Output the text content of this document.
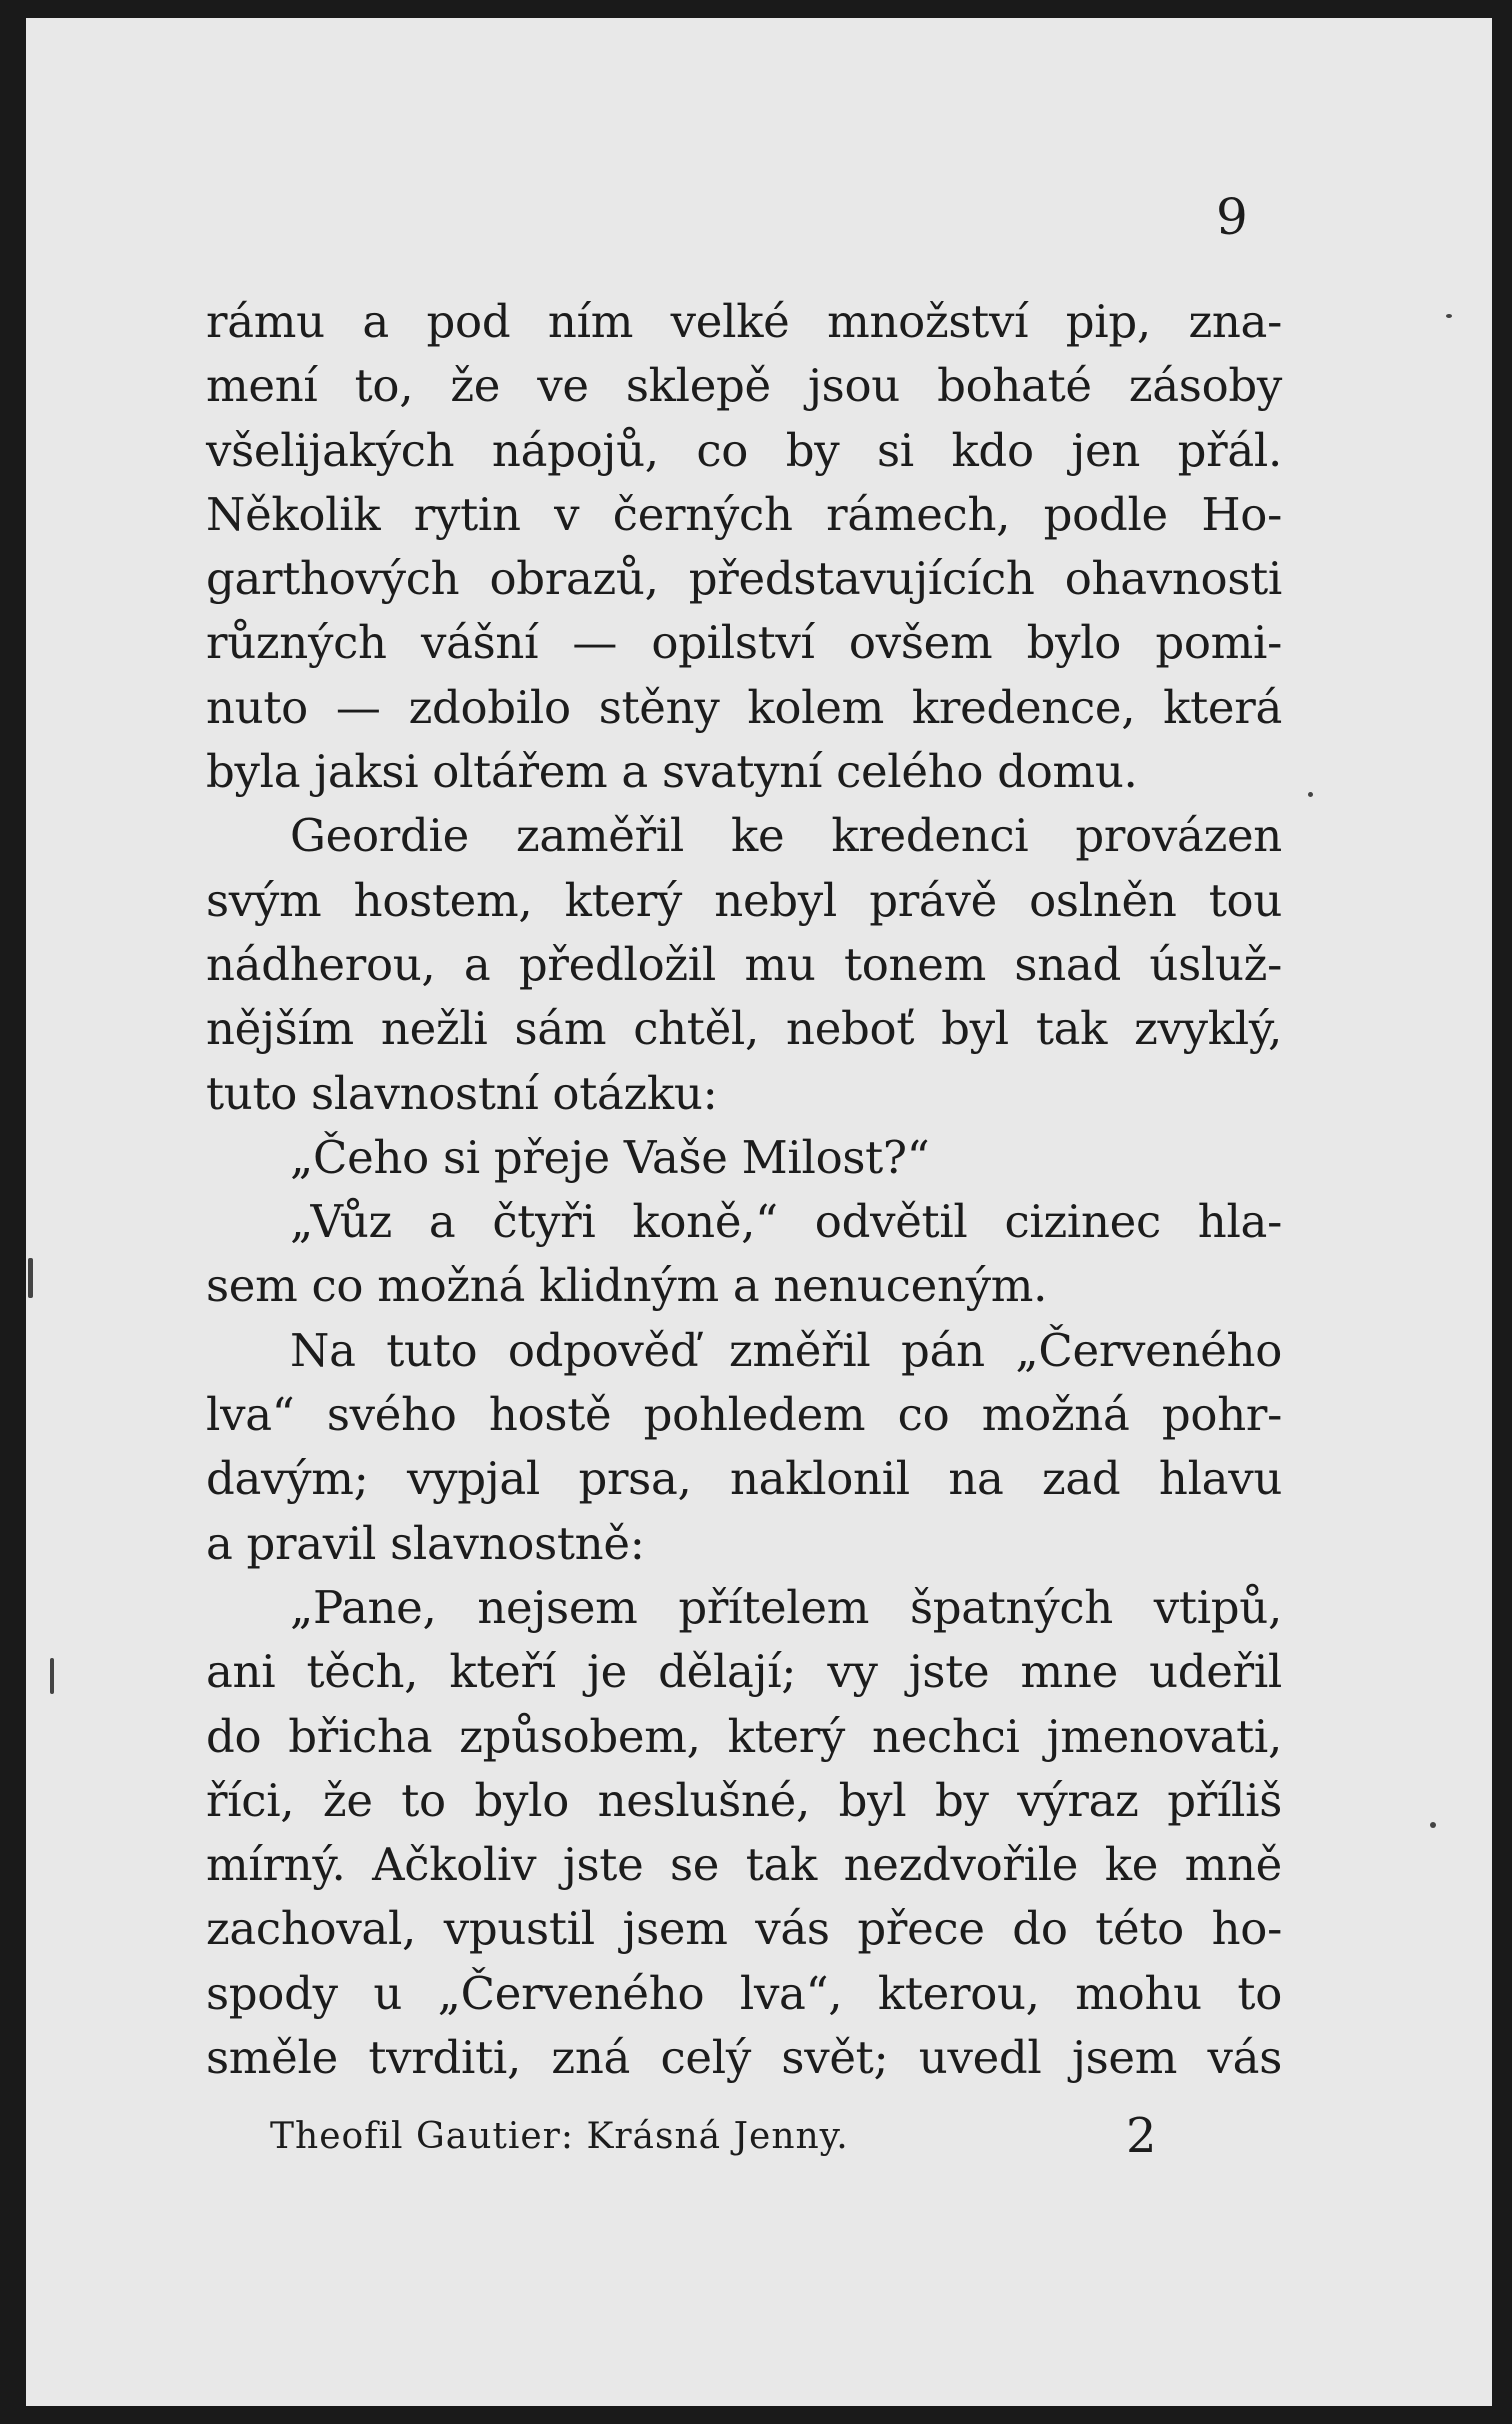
9
rámu a pod ním velké množství pip, zna-
mení to, že ve sklepě jsou bohaté zásoby
všelijakých nápojů, co by si kdo jen přál.
Několik rytin v černých rámech, podle Ho-
garthových obrazů, představujících ohavnosti
různých vášní — opilství ovšem bylo pomi-
nuto — zdobilo stěny kolem kredence, která
byla jaksi oltářem a svatyní celého domu.
Geordie zaměřil ke kredenci provázen
svým hostem, který nebyl právě oslněn tou
nádherou, a předložil mu tonem snad úsluž-
nějším nežli sám chtěl, neboť byl tak zvyklý,
tuto slavnostní otázku:
„Čeho si přeje Vaše Milost?“
„Vůz a čtyři koně,“ odvětil cizinec hla-
sem co možná klidným a nenuceným.
Na tuto odpověď změřil pán „Červeného
lva“ svého hostě pohledem co možná pohr-
davým; vypjal prsa, naklonil na zad hlavu
a pravil slavnostně:
„Pane, nejsem přítelem špatných vtipů,
ani těch, kteří je dělají; vy jste mne udeřil
do břicha způsobem, který nechci jmenovati,
říci, že to bylo neslušné, byl by výraz příliš
mírný. Ačkoliv jste se tak nezdvořile ke mně
zachoval, vpustil jsem vás přece do této ho-
spody u „Červeného lva“, kterou, mohu to
směle tvrditi, zná celý svět; uvedl jsem vás
Theofil Gautier: Krásná Jenny.	2
